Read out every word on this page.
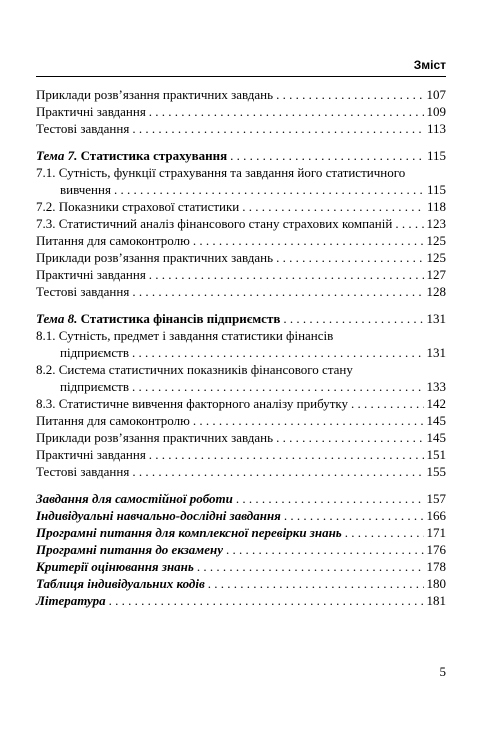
Зміст
Приклади розв’язання практичних завдань . . .	107
Практичні завдання . . .	109
Тестові завдання . . .	113
Тема 7. Статистика страхування . . .	115
7.1. Сутність, функції страхування та завдання його статистичного
вивчення . . .	115
7.2. Показники страхової статистики . . .	118
7.3. Статистичний аналіз фінансового стану страхових компаній . . .	123
Питання для самоконтролю . . .	125
Приклади розв’язання практичних завдань . . .	125
Практичні завдання . . .	127
Тестові завдання . . .	128
Тема 8. Статистика фінансів підприємств . . .	131
8.1. Сутність, предмет і завдання статистики фінансів
підприємств . . .	131
8.2. Система статистичних показників фінансового стану
підприємств . . .	133
8.3. Статистичне вивчення факторного аналізу прибутку . . .	142
Питання для самоконтролю . . .	145
Приклади розв’язання практичних завдань . . .	145
Практичні завдання . . .	151
Тестові завдання . . .	155
Завдання для самостійної роботи . . .	157
Індивідуальні навчально-дослідні завдання . . .	166
Програмні питання для комплексної перевірки знань . . .	171
Програмні питання до екзамену . . .	176
Критерії оцінювання знань . . .	178
Таблиця індивідуальних кодів . . .	180
Література . . .	181
5
